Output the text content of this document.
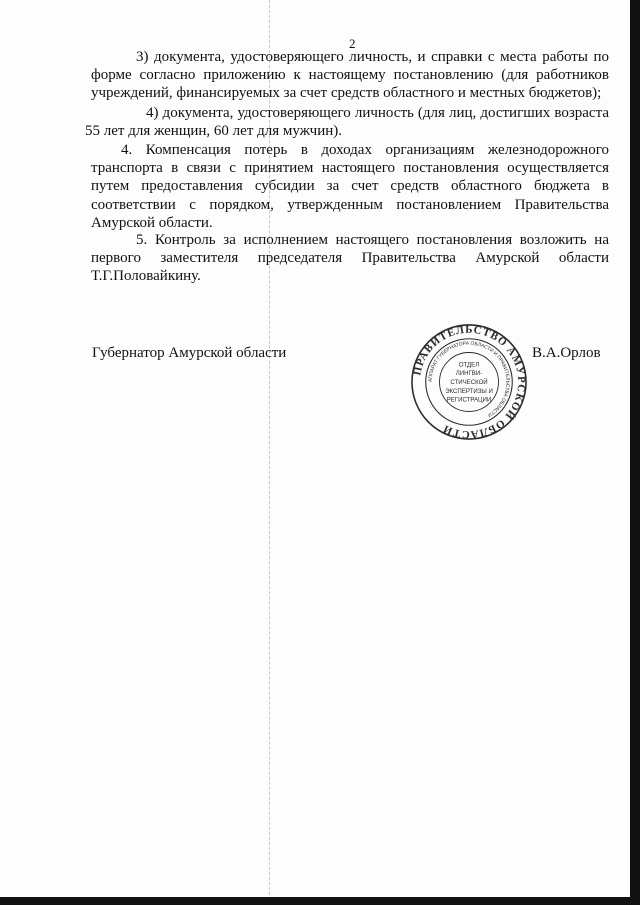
2

3) документа, удостоверяющего личность, и справки с места работы по
форме согласно приложению к настоящему постановлению (для работников
учреждений, финансируемых за счет средств областного и местных бюджетов);

4) документа, удостоверяющего личность (для лиц, достигших возраста
55 лет для женщин, 60 лет для мужчин).

4. Компенсация потерь в доходах организациям железнодорожного
транспорта в связи с принятием настоящего постановления осуществляется
путем предоставления субсидии за счет средств областного бюджета в
соответствии с порядком, утвержденным постановлением Правительства
Амурской области.

5. Контроль за исполнением настоящего постановления возложить на
первого заместителя председателя Правительства Амурской области
Т.Г.Половайкину.

Губернатор Амурской области
ПРАВИТЕЛЬСТВО АМУРСКОЙ ОБЛАСТИ
АППАРАТ ГУБЕРНАТОРА ОБЛАСТИ И ПРАВИТЕЛЬСТВА ОБЛАСТИ
ОТДЕЛ
ЛИНГВИ-
СТИЧЕСКОЙ
ЭКСПЕРТИЗЫ И
РЕГИСТРАЦИИ
В.А.Орлов
